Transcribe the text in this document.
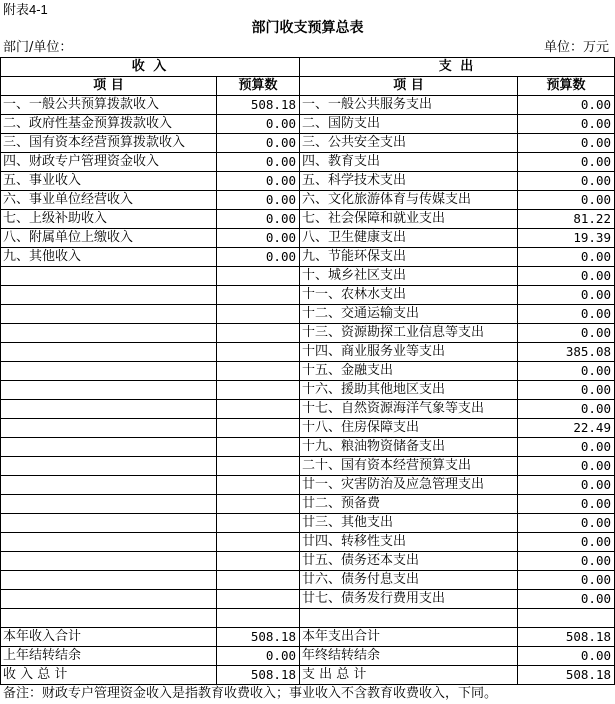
附表4-1
部门收支预算总表
部门/单位：	单位：万元
收 入		支 出	
项 目	预算数	项 目	预算数
一、一般公共预算拨款收入	508.18	一、一般公共服务支出	0.00
二、政府性基金预算拨款收入	0.00	二、国防支出	0.00
三、国有资本经营预算拨款收入	0.00	三、公共安全支出	0.00
四、财政专户管理资金收入	0.00	四、教育支出	0.00
五、事业收入	0.00	五、科学技术支出	0.00
六、事业单位经营收入	0.00	六、文化旅游体育与传媒支出	0.00
七、上级补助收入	0.00	七、社会保障和就业支出	81.22
八、附属单位上缴收入	0.00	八、卫生健康支出	19.39
九、其他收入	0.00	九、节能环保支出	0.00
		十、城乡社区支出	0.00
		十一、农林水支出	0.00
		十二、交通运输支出	0.00
		十三、资源勘探工业信息等支出	0.00
		十四、商业服务业等支出	385.08
		十五、金融支出	0.00
		十六、援助其他地区支出	0.00
		十七、自然资源海洋气象等支出	0.00
		十八、住房保障支出	22.49
		十九、粮油物资储备支出	0.00
		二十、国有资本经营预算支出	0.00
		廿一、灾害防治及应急管理支出	0.00
		廿二、预备费	0.00
		廿三、其他支出	0.00
		廿四、转移性支出	0.00
		廿五、债务还本支出	0.00
		廿六、债务付息支出	0.00
		廿七、债务发行费用支出	0.00

本年收入合计	508.18	本年支出合计	508.18
上年结转结余	0.00	年终结转结余	0.00
收 入 总 计	508.18	支 出 总 计	508.18
备注：财政专户管理资金收入是指教育收费收入；事业收入不含教育收费收入，下同。
